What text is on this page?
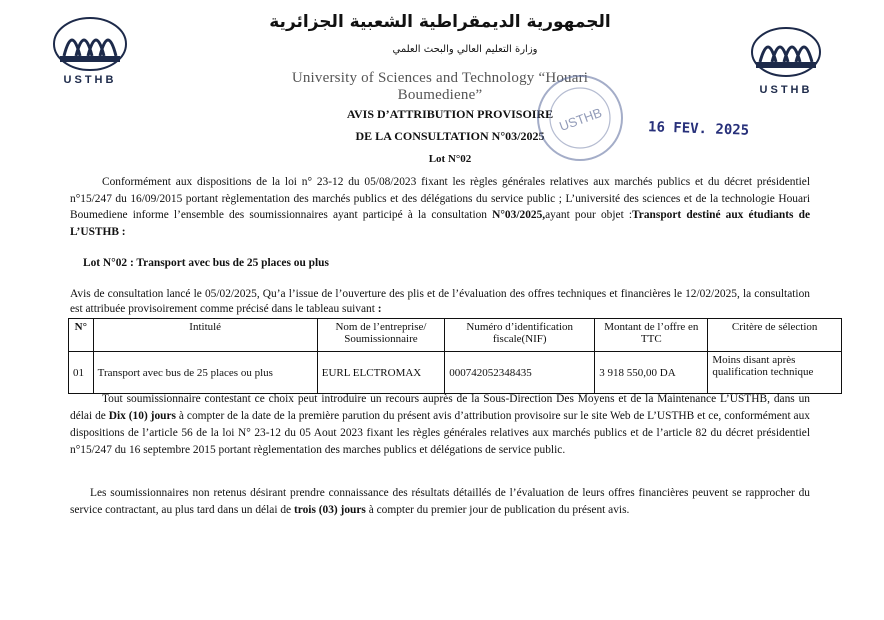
USTHB
USTHB
الجمهورية الديمقراطية الشعبية الجزائرية
وزارة التعليم العالي والبحث العلمي
University of Sciences and Technology “Houari Boumediene”
AVIS D’ATTRIBUTION PROVISOIRE
DE LA CONSULTATION N°03/2025
Lot N°02
USTHB	16 FEV. 2025

Conformément aux dispositions de la loi n° 23-12 du 05/08/2023 fixant les règles générales relatives aux marchés publics et du décret présidentiel n°15/247 du 16/09/2015 portant règlementation des marchés publics et des délégations du service public ; L’université des sciences et de la technologie Houari Boumediene informe l’ensemble des soumissionnaires ayant participé à la consultation N°03/2025,ayant pour objet :Transport destiné aux étudiants de L’USTHB :

Lot N°02 : Transport avec bus de 25 places ou plus

Avis de consultation lancé le 05/02/2025, Qu’a l’issue de l’ouverture des plis et de l’évaluation des offres techniques et financières le 12/02/2025, la consultation est attribuée provisoirement comme précisé dans le tableau suivant :

N°	Intitulé	Nom de l’entreprise/ Soumissionnaire	Numéro d’identification fiscale(NIF)	Montant de l’offre en TTC	Critère de sélection
01	Transport avec bus de 25 places ou plus	EURL ELCTROMAX	000742052348435	3 918 550,00 DA	Moins disant après qualification technique

Tout soumissionnaire contestant ce choix peut introduire un recours auprès de la Sous-Direction Des Moyens et de la Maintenance L’USTHB, dans un délai de Dix (10) jours à compter de la date de la première parution du présent avis d’attribution provisoire sur le site Web de L’USTHB et ce, conformément aux dispositions de l’article 56 de la loi N° 23-12 du 05 Aout 2023 fixant les règles générales relatives aux marchés publics et de l’article 82 du décret présidentiel n°15/247 du 16 septembre 2015 portant règlementation des marches publics et délégations de service public.

Les soumissionnaires non retenus désirant prendre connaissance des résultats détaillés de l’évaluation de leurs offres financières peuvent se rapprocher du service contractant, au plus tard dans un délai de trois (03) jours à compter du premier jour de publication du présent avis.
